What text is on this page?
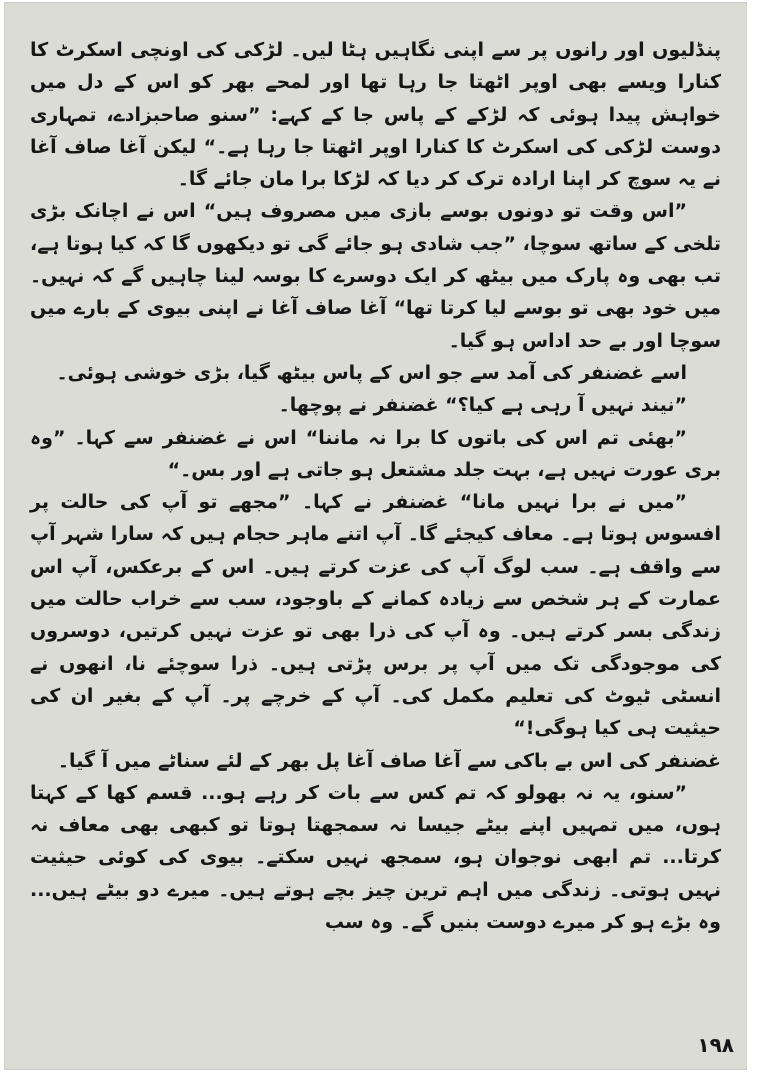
پنڈلیوں اور رانوں پر سے اپنی نگاہیں ہٹا لیں۔ لڑکی کی اونچی اسکرٹ کا کنارا ویسے بھی اوپر اٹھتا جا رہا تھا اور لمحے بھر کو اس کے دل میں خواہش پیدا ہوئی کہ لڑکے کے پاس جا کے کہے: ”سنو صاحبزادے، تمہاری دوست لڑکی کی اسکرٹ کا کنارا اوپر اٹھتا جا رہا ہے۔“ لیکن آغا صاف آغا نے یہ سوچ کر اپنا ارادہ ترک کر دیا کہ لڑکا برا مان جائے گا۔

”اس وقت تو دونوں بوسے بازی میں مصروف ہیں“ اس نے اچانک بڑی تلخی کے ساتھ سوچا، ”جب شادی ہو جائے گی تو دیکھوں گا کہ کیا ہوتا ہے، تب بھی وہ پارک میں بیٹھ کر ایک دوسرے کا بوسہ لینا چاہیں گے کہ نہیں۔ میں خود بھی تو بوسے لیا کرتا تھا“ آغا صاف آغا نے اپنی بیوی کے بارے میں سوچا اور بے حد اداس ہو گیا۔

اسے غضنفر کی آمد سے جو اس کے پاس بیٹھ گیا، بڑی خوشی ہوئی۔

”نیند نہیں آ رہی ہے کیا؟“ غضنفر نے پوچھا۔

”بھئی تم اس کی باتوں کا برا نہ ماننا“ اس نے غضنفر سے کہا۔ ”وہ بری عورت نہیں ہے، بہت جلد مشتعل ہو جاتی ہے اور بس۔“

”میں نے برا نہیں مانا“ غضنفر نے کہا۔ ”مجھے تو آپ کی حالت پر افسوس ہوتا ہے۔ معاف کیجئے گا۔ آپ اتنے ماہر حجام ہیں کہ سارا شہر آپ سے واقف ہے۔ سب لوگ آپ کی عزت کرتے ہیں۔ اس کے برعکس، آپ اس عمارت کے ہر شخص سے زیادہ کمانے کے باوجود، سب سے خراب حالت میں زندگی بسر کرتے ہیں۔ وہ آپ کی ذرا بھی تو عزت نہیں کرتیں، دوسروں کی موجودگی تک میں آپ پر برس پڑتی ہیں۔ ذرا سوچئے نا، انھوں نے انسٹی ٹیوٹ کی تعلیم مکمل کی۔ آپ کے خرچے پر۔ آپ کے بغیر ان کی حیثیت ہی کیا ہوگی!“

غضنفر کی اس بے باکی سے آغا صاف آغا پل بھر کے لئے سناٹے میں آ گیا۔

”سنو، یہ نہ بھولو کہ تم کس سے بات کر رہے ہو... قسم کھا کے کہتا ہوں، میں تمہیں اپنے بیٹے جیسا نہ سمجھتا ہوتا تو کبھی بھی معاف نہ کرتا... تم ابھی نوجوان ہو، سمجھ نہیں سکتے۔ بیوی کی کوئی حیثیت نہیں ہوتی۔ زندگی میں اہم ترین چیز بچے ہوتے ہیں۔ میرے دو بیٹے ہیں... وہ بڑے ہو کر میرے دوست بنیں گے۔ وہ سب

۱۹۸
